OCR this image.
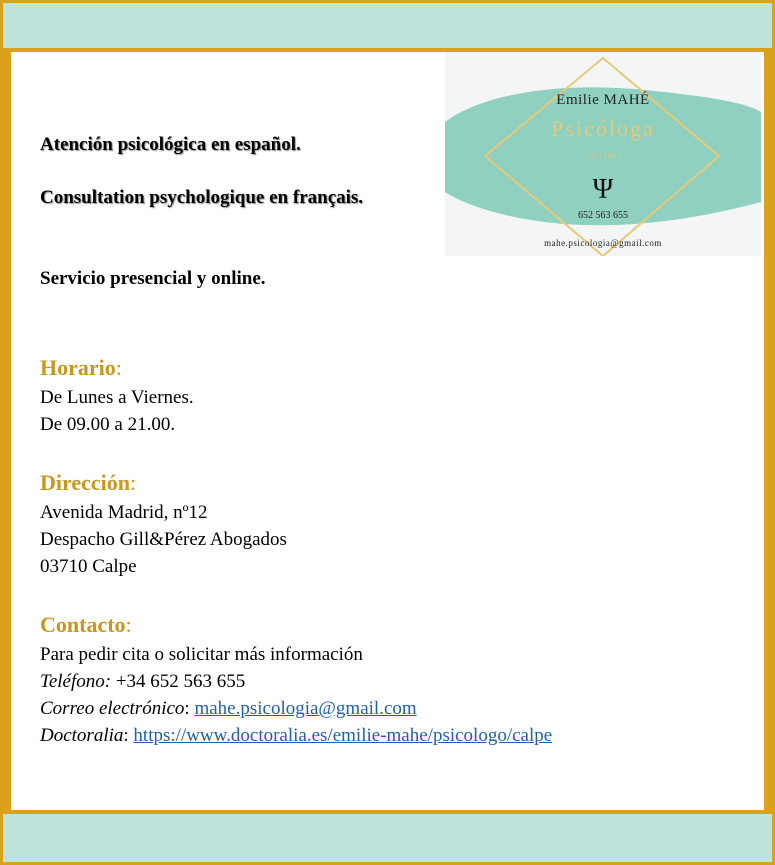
Atención psicológica en español.
Consultation psychologique en français.
Servicio presencial y online.
Horario:
De Lunes a Viernes.
De 09.00 a 21.00.
Dirección:
Avenida Madrid, nº12
Despacho Gill&Pérez Abogados
03710 Calpe
Contacto:
Para pedir cita o solicitar más información
Teléfono: +34 652 563 655
Correo electrónico: mahe.psicologia@gmail.com
Doctoralia: https://www.doctoralia.es/emilie-mahe/psicologo/calpe
Emilie MAHÉ
Psicóloga
CV-17062
Ψ
652 563 655
mahe.psicologia@gmail.com
